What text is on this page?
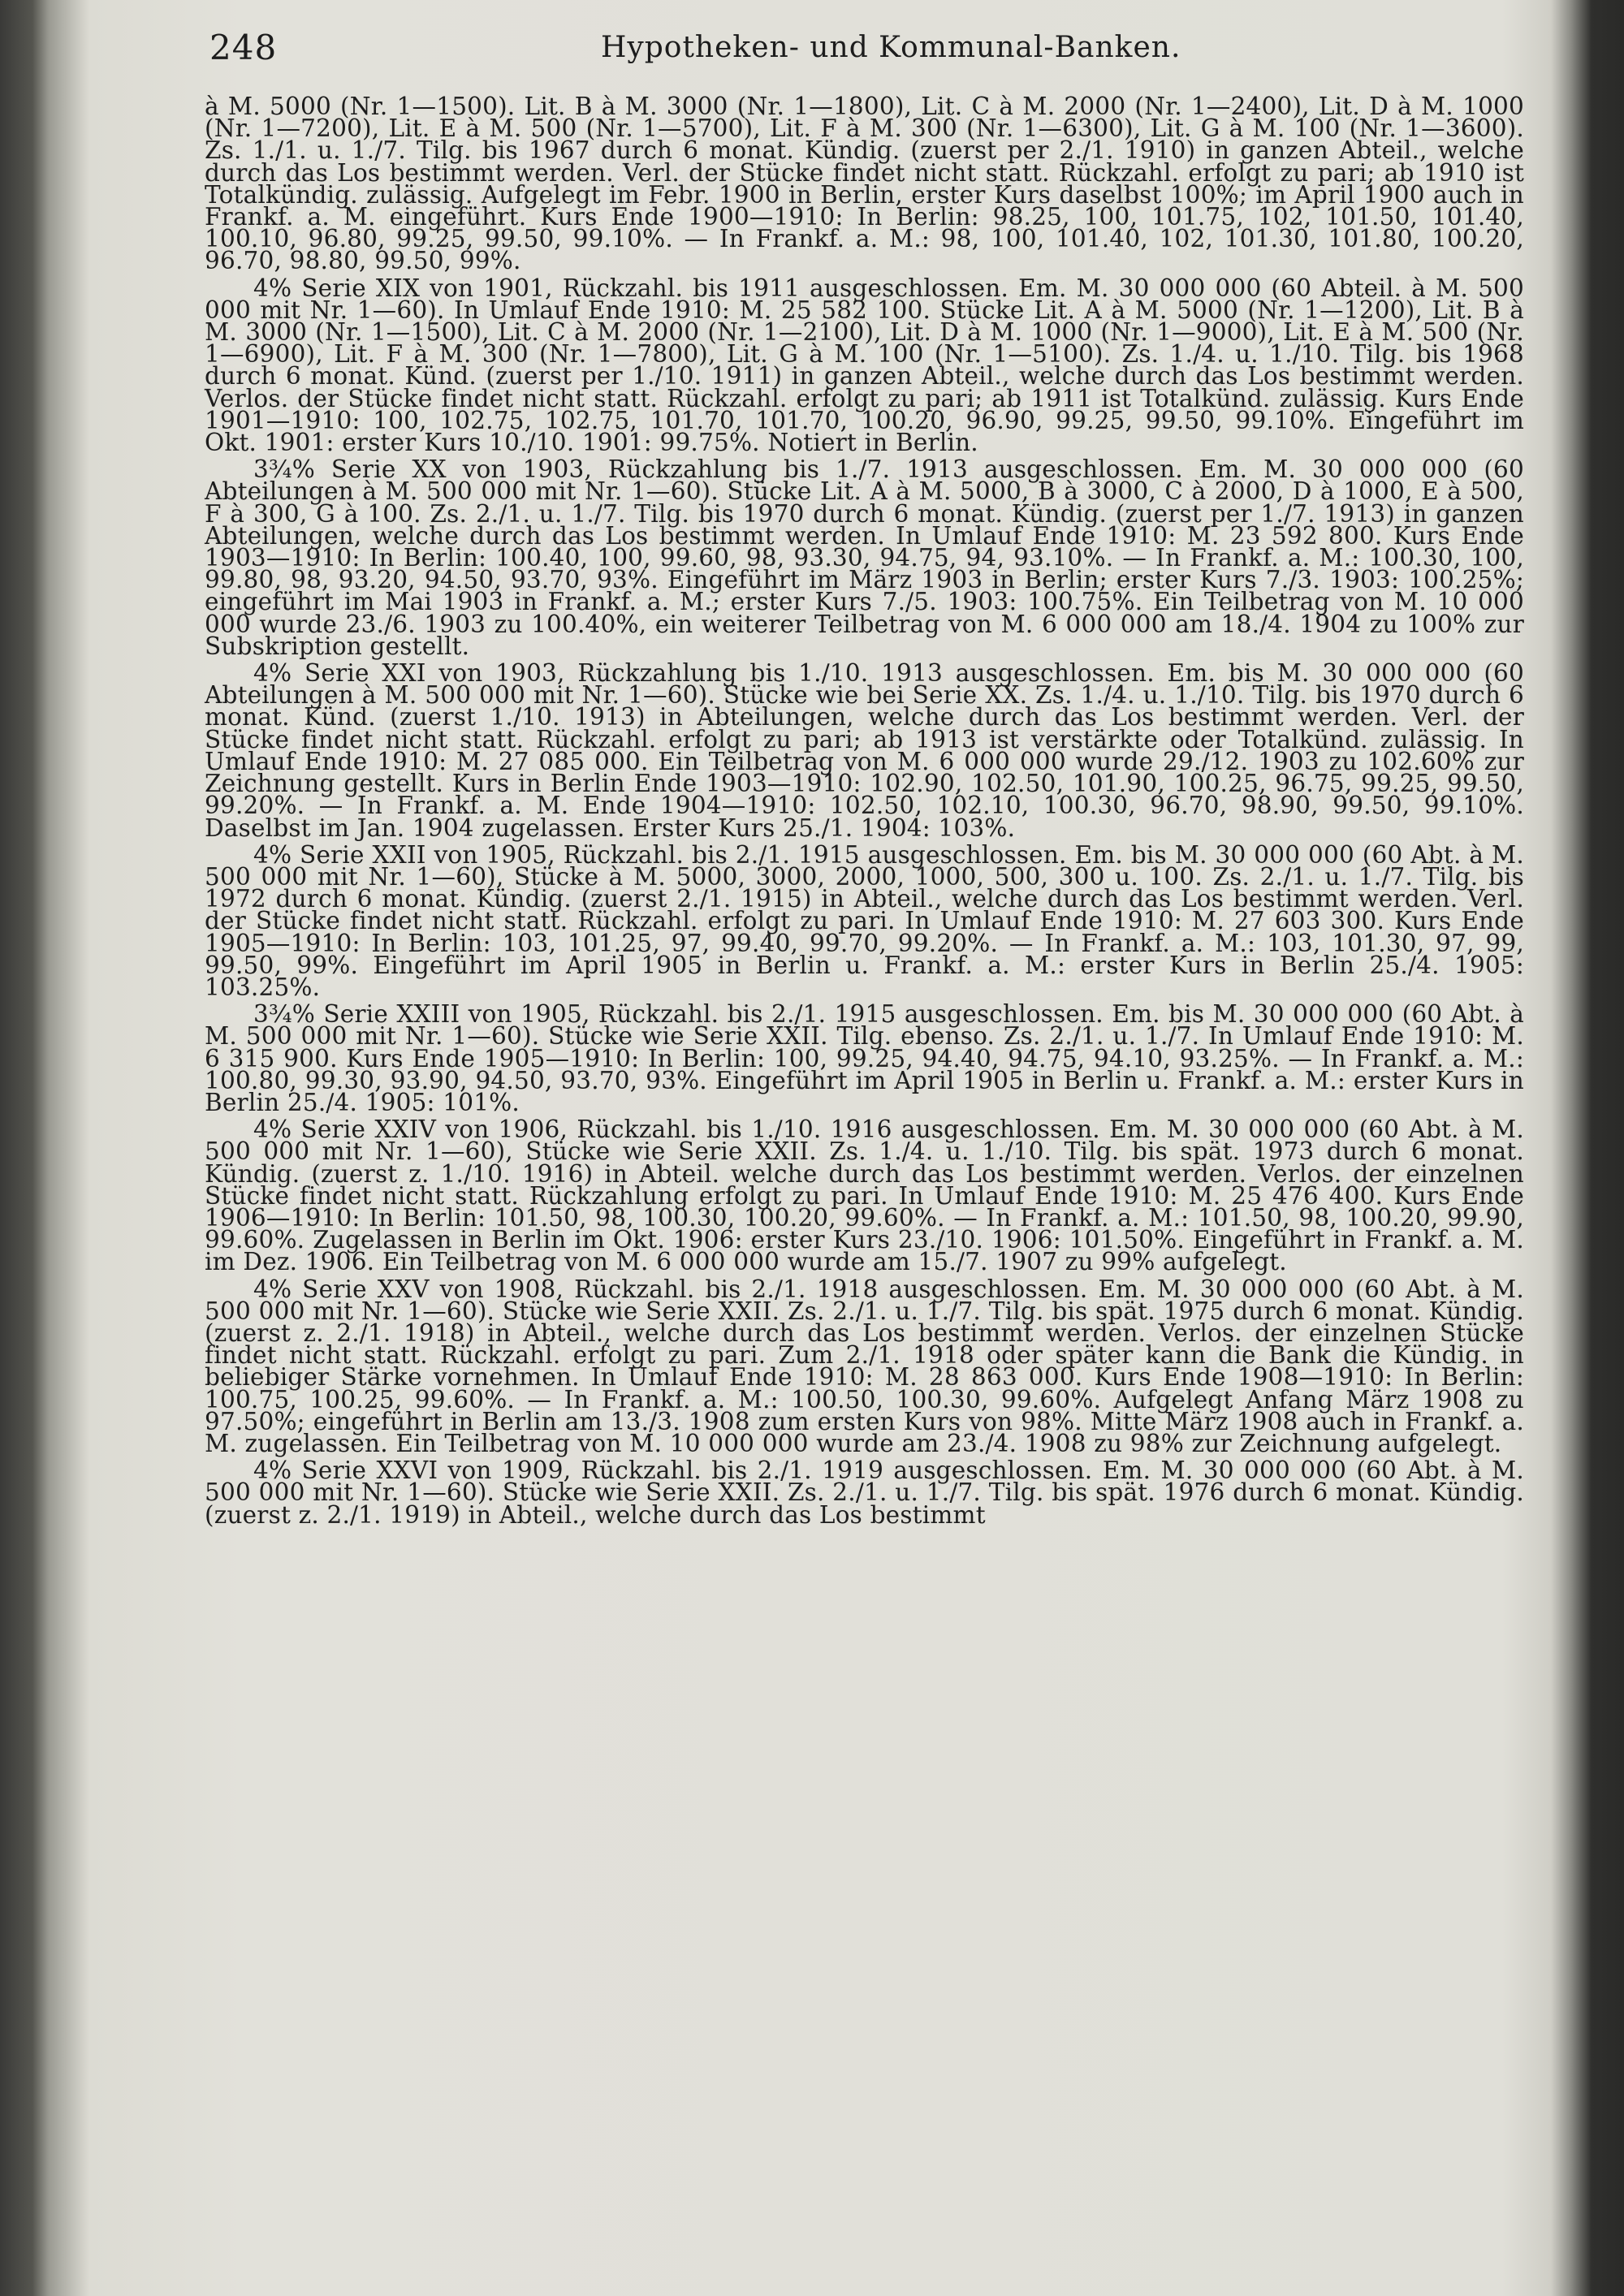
248	Hypotheken- und Kommunal-Banken.

à M. 5000 (Nr. 1—1500). Lit. B à M. 3000 (Nr. 1—1800), Lit. C à M. 2000 (Nr. 1—2400), Lit. D à M. 1000 (Nr. 1—7200), Lit. E à M. 500 (Nr. 1—5700), Lit. F à M. 300 (Nr. 1—6300), Lit. G à M. 100 (Nr. 1—3600). Zs. 1./1. u. 1./7. Tilg. bis 1967 durch 6 monat. Kündig. (zuerst per 2./1. 1910) in ganzen Abteil., welche durch das Los bestimmt werden. Verl. der Stücke findet nicht statt. Rückzahl. erfolgt zu pari; ab 1910 ist Totalkündig. zulässig. Aufgelegt im Febr. 1900 in Berlin, erster Kurs daselbst 100%; im April 1900 auch in Frankf. a. M. eingeführt. Kurs Ende 1900—1910: In Berlin: 98.25, 100, 101.75, 102, 101.50, 101.40, 100.10, 96.80, 99.25, 99.50, 99.10%. — In Frankf. a. M.: 98, 100, 101.40, 102, 101.30, 101.80, 100.20, 96.70, 98.80, 99.50, 99%.

4% Serie XIX von 1901, Rückzahl. bis 1911 ausgeschlossen. Em. M. 30 000 000 (60 Abteil. à M. 500 000 mit Nr. 1—60). In Umlauf Ende 1910: M. 25 582 100. Stücke Lit. A à M. 5000 (Nr. 1—1200), Lit. B à M. 3000 (Nr. 1—1500), Lit. C à M. 2000 (Nr. 1—2100), Lit. D à M. 1000 (Nr. 1—9000), Lit. E à M. 500 (Nr. 1—6900), Lit. F à M. 300 (Nr. 1—7800), Lit. G à M. 100 (Nr. 1—5100). Zs. 1./4. u. 1./10. Tilg. bis 1968 durch 6 monat. Künd. (zuerst per 1./10. 1911) in ganzen Abteil., welche durch das Los bestimmt werden. Verlos. der Stücke findet nicht statt. Rückzahl. erfolgt zu pari; ab 1911 ist Totalkünd. zulässig. Kurs Ende 1901—1910: 100, 102.75, 102.75, 101.70, 101.70, 100.20, 96.90, 99.25, 99.50, 99.10%. Eingeführt im Okt. 1901: erster Kurs 10./10. 1901: 99.75%. Notiert in Berlin.

3¾% Serie XX von 1903, Rückzahlung bis 1./7. 1913 ausgeschlossen. Em. M. 30 000 000 (60 Abteilungen à M. 500 000 mit Nr. 1—60). Stücke Lit. A à M. 5000, B à 3000, C à 2000, D à 1000, E à 500, F à 300, G à 100. Zs. 2./1. u. 1./7. Tilg. bis 1970 durch 6 monat. Kündig. (zuerst per 1./7. 1913) in ganzen Abteilungen, welche durch das Los bestimmt werden. In Umlauf Ende 1910: M. 23 592 800. Kurs Ende 1903—1910: In Berlin: 100.40, 100, 99.60, 98, 93.30, 94.75, 94, 93.10%. — In Frankf. a. M.: 100.30, 100, 99.80, 98, 93.20, 94.50, 93.70, 93%. Eingeführt im März 1903 in Berlin; erster Kurs 7./3. 1903: 100.25%; eingeführt im Mai 1903 in Frankf. a. M.; erster Kurs 7./5. 1903: 100.75%. Ein Teilbetrag von M. 10 000 000 wurde 23./6. 1903 zu 100.40%, ein weiterer Teilbetrag von M. 6 000 000 am 18./4. 1904 zu 100% zur Subskription gestellt.

4% Serie XXI von 1903, Rückzahlung bis 1./10. 1913 ausgeschlossen. Em. bis M. 30 000 000 (60 Abteilungen à M. 500 000 mit Nr. 1—60). Stücke wie bei Serie XX. Zs. 1./4. u. 1./10. Tilg. bis 1970 durch 6 monat. Künd. (zuerst 1./10. 1913) in Abteilungen, welche durch das Los bestimmt werden. Verl. der Stücke findet nicht statt. Rückzahl. erfolgt zu pari; ab 1913 ist verstärkte oder Totalkünd. zulässig. In Umlauf Ende 1910: M. 27 085 000. Ein Teilbetrag von M. 6 000 000 wurde 29./12. 1903 zu 102.60% zur Zeichnung gestellt. Kurs in Berlin Ende 1903—1910: 102.90, 102.50, 101.90, 100.25, 96.75, 99.25, 99.50, 99.20%. — In Frankf. a. M. Ende 1904—1910: 102.50, 102.10, 100.30, 96.70, 98.90, 99.50, 99.10%. Daselbst im Jan. 1904 zugelassen. Erster Kurs 25./1. 1904: 103%.

4% Serie XXII von 1905, Rückzahl. bis 2./1. 1915 ausgeschlossen. Em. bis M. 30 000 000 (60 Abt. à M. 500 000 mit Nr. 1—60), Stücke à M. 5000, 3000, 2000, 1000, 500, 300 u. 100. Zs. 2./1. u. 1./7. Tilg. bis 1972 durch 6 monat. Kündig. (zuerst 2./1. 1915) in Abteil., welche durch das Los bestimmt werden. Verl. der Stücke findet nicht statt. Rückzahl. erfolgt zu pari. In Umlauf Ende 1910: M. 27 603 300. Kurs Ende 1905—1910: In Berlin: 103, 101.25, 97, 99.40, 99.70, 99.20%. — In Frankf. a. M.: 103, 101.30, 97, 99, 99.50, 99%. Eingeführt im April 1905 in Berlin u. Frankf. a. M.: erster Kurs in Berlin 25./4. 1905: 103.25%.

3¾% Serie XXIII von 1905, Rückzahl. bis 2./1. 1915 ausgeschlossen. Em. bis M. 30 000 000 (60 Abt. à M. 500 000 mit Nr. 1—60). Stücke wie Serie XXII. Tilg. ebenso. Zs. 2./1. u. 1./7. In Umlauf Ende 1910: M. 6 315 900. Kurs Ende 1905—1910: In Berlin: 100, 99.25, 94.40, 94.75, 94.10, 93.25%. — In Frankf. a. M.: 100.80, 99.30, 93.90, 94.50, 93.70, 93%. Eingeführt im April 1905 in Berlin u. Frankf. a. M.: erster Kurs in Berlin 25./4. 1905: 101%.

4% Serie XXIV von 1906, Rückzahl. bis 1./10. 1916 ausgeschlossen. Em. M. 30 000 000 (60 Abt. à M. 500 000 mit Nr. 1—60), Stücke wie Serie XXII. Zs. 1./4. u. 1./10. Tilg. bis spät. 1973 durch 6 monat. Kündig. (zuerst z. 1./10. 1916) in Abteil. welche durch das Los bestimmt werden. Verlos. der einzelnen Stücke findet nicht statt. Rückzahlung erfolgt zu pari. In Umlauf Ende 1910: M. 25 476 400. Kurs Ende 1906—1910: In Berlin: 101.50, 98, 100.30, 100.20, 99.60%. — In Frankf. a. M.: 101.50, 98, 100.20, 99.90, 99.60%. Zugelassen in Berlin im Okt. 1906: erster Kurs 23./10. 1906: 101.50%. Eingeführt in Frankf. a. M. im Dez. 1906. Ein Teilbetrag von M. 6 000 000 wurde am 15./7. 1907 zu 99% aufgelegt.

4% Serie XXV von 1908, Rückzahl. bis 2./1. 1918 ausgeschlossen. Em. M. 30 000 000 (60 Abt. à M. 500 000 mit Nr. 1—60). Stücke wie Serie XXII. Zs. 2./1. u. 1./7. Tilg. bis spät. 1975 durch 6 monat. Kündig. (zuerst z. 2./1. 1918) in Abteil., welche durch das Los bestimmt werden. Verlos. der einzelnen Stücke findet nicht statt. Rückzahl. erfolgt zu pari. Zum 2./1. 1918 oder später kann die Bank die Kündig. in beliebiger Stärke vornehmen. In Umlauf Ende 1910: M. 28 863 000. Kurs Ende 1908—1910: In Berlin: 100.75, 100.25, 99.60%. — In Frankf. a. M.: 100.50, 100.30, 99.60%. Aufgelegt Anfang März 1908 zu 97.50%; eingeführt in Berlin am 13./3. 1908 zum ersten Kurs von 98%. Mitte März 1908 auch in Frankf. a. M. zugelassen. Ein Teilbetrag von M. 10 000 000 wurde am 23./4. 1908 zu 98% zur Zeichnung aufgelegt.

4% Serie XXVI von 1909, Rückzahl. bis 2./1. 1919 ausgeschlossen. Em. M. 30 000 000 (60 Abt. à M. 500 000 mit Nr. 1—60). Stücke wie Serie XXII. Zs. 2./1. u. 1./7. Tilg. bis spät. 1976 durch 6 monat. Kündig. (zuerst z. 2./1. 1919) in Abteil., welche durch das Los bestimmt
